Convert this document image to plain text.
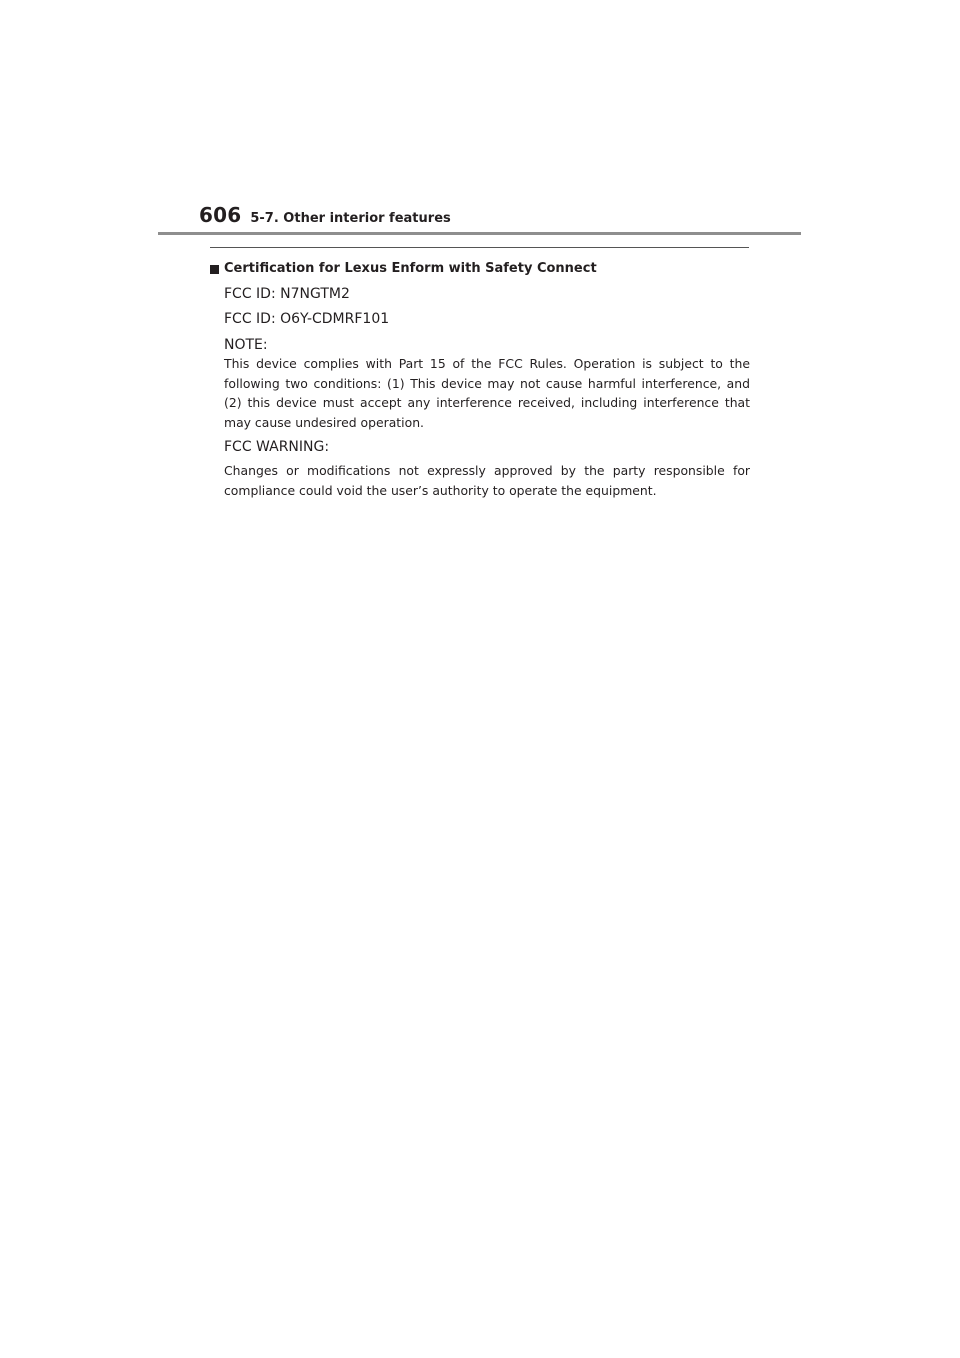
606 5-7. Other interior features
Certification for Lexus Enform with Safety Connect

FCC ID: N7NGTM2

FCC ID: O6Y-CDMRF101

NOTE:

This device complies with Part 15 of the FCC Rules. Operation is subject to the following two conditions: (1) This device may not cause harmful interference, and (2) this device must accept any interference received, including interference that may cause undesired operation.

FCC WARNING:

Changes or modifications not expressly approved by the party responsible for compliance could void the user’s authority to operate the equipment.
